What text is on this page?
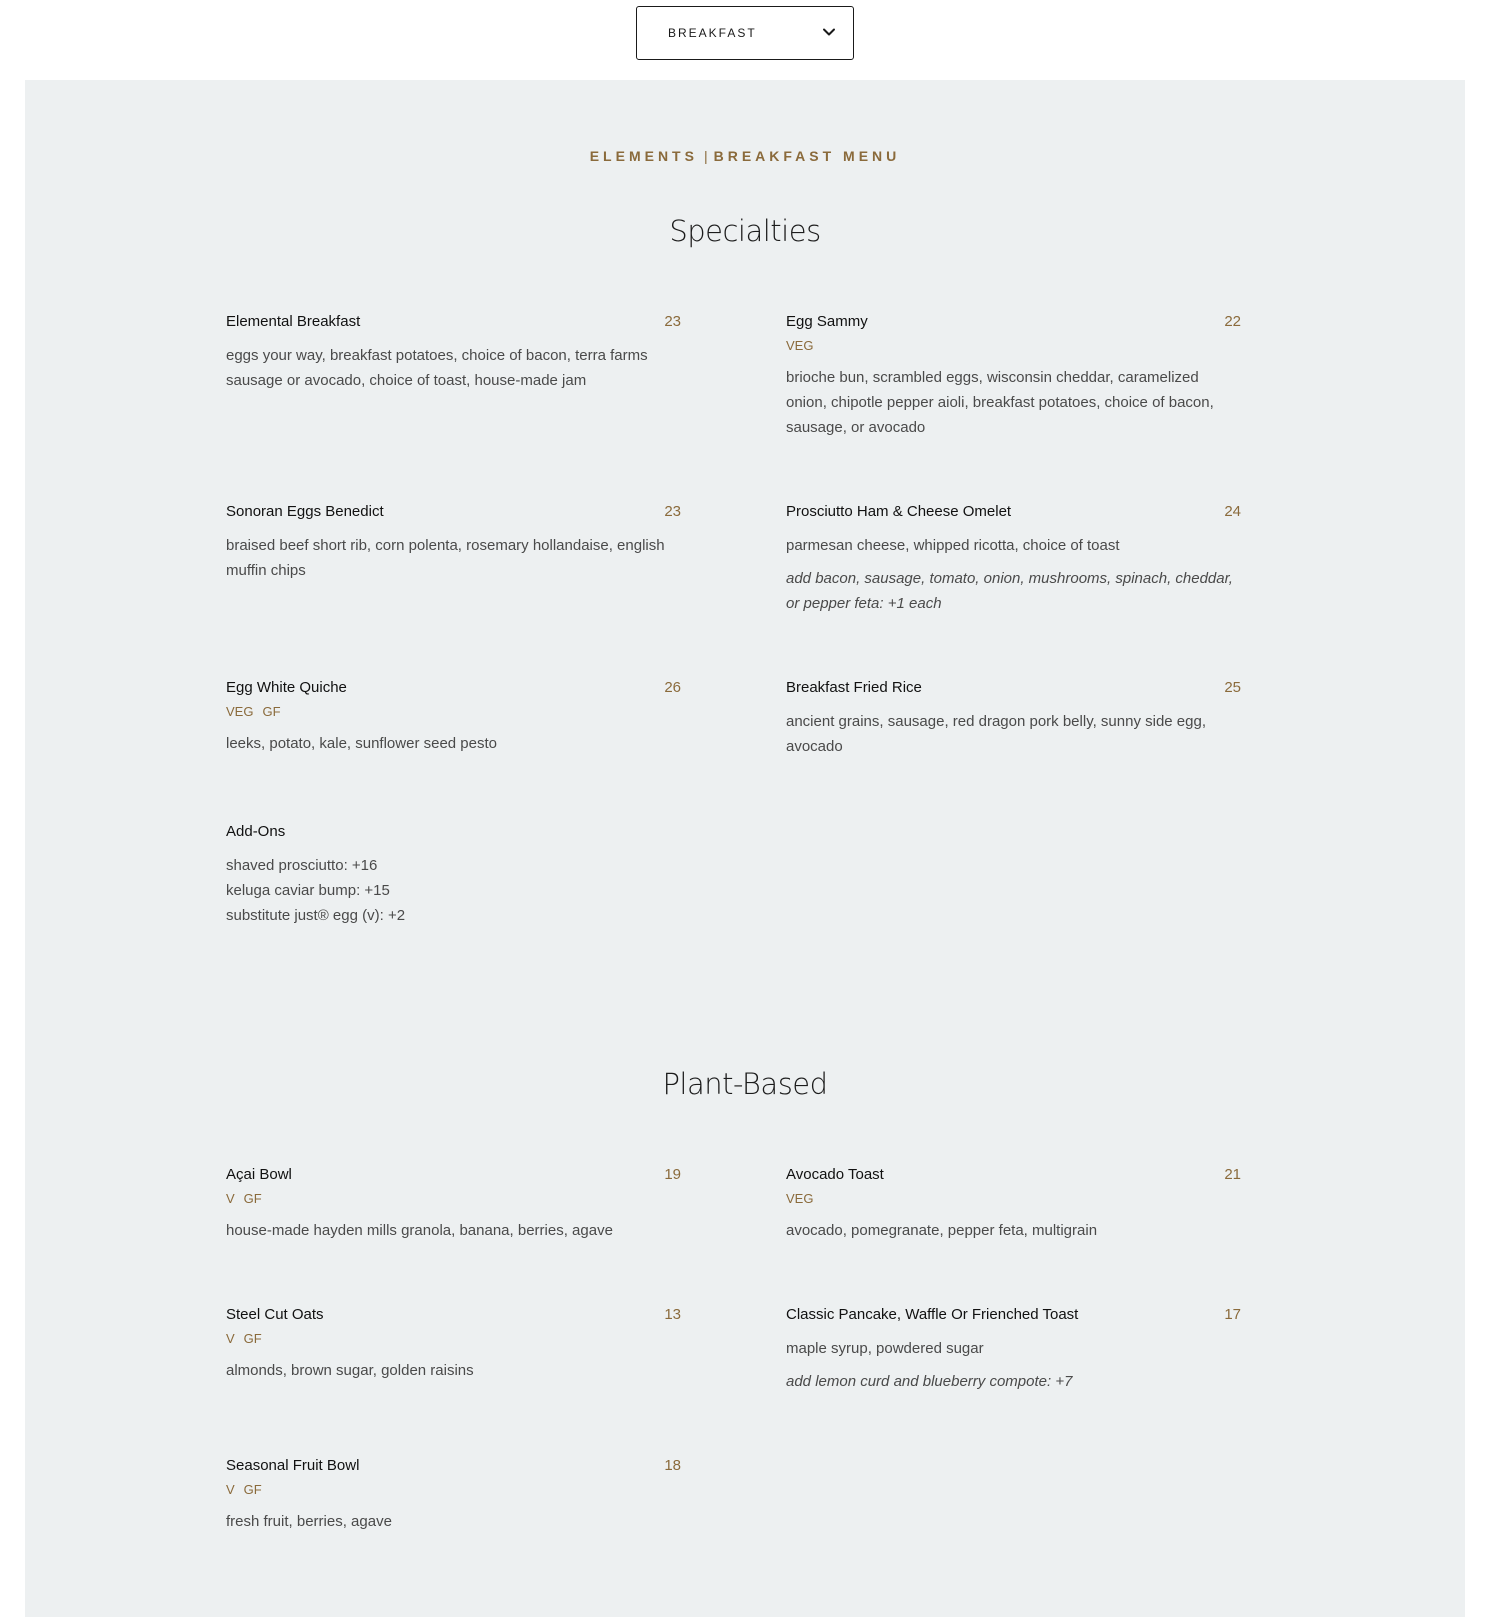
BREAKFAST
ELEMENTS | BREAKFAST MENU
Specialties
Elemental Breakfast	23
eggs your way, breakfast potatoes, choice of bacon, terra farms sausage or avocado, choice of toast, house-made jam
Egg Sammy	22
VEG
brioche bun, scrambled eggs, wisconsin cheddar, caramelized onion, chipotle pepper aioli, breakfast potatoes, choice of bacon, sausage, or avocado
Sonoran Eggs Benedict	23
braised beef short rib, corn polenta, rosemary hollandaise, english muffin chips
Prosciutto Ham & Cheese Omelet	24
parmesan cheese, whipped ricotta, choice of toast
add bacon, sausage, tomato, onion, mushrooms, spinach, cheddar, or pepper feta: +1 each
Egg White Quiche	26
VEG GF
leeks, potato, kale, sunflower seed pesto
Breakfast Fried Rice	25
ancient grains, sausage, red dragon pork belly, sunny side egg, avocado
Add-Ons
shaved prosciutto: +16
keluga caviar bump: +15
substitute just® egg (v): +2
Plant-Based
Açai Bowl	19
V GF
house-made hayden mills granola, banana, berries, agave
Avocado Toast	21
VEG
avocado, pomegranate, pepper feta, multigrain
Steel Cut Oats	13
V GF
almonds, brown sugar, golden raisins
Classic Pancake, Waffle Or Frienched Toast	17
maple syrup, powdered sugar
add lemon curd and blueberry compote: +7
Seasonal Fruit Bowl	18
V GF
fresh fruit, berries, agave
